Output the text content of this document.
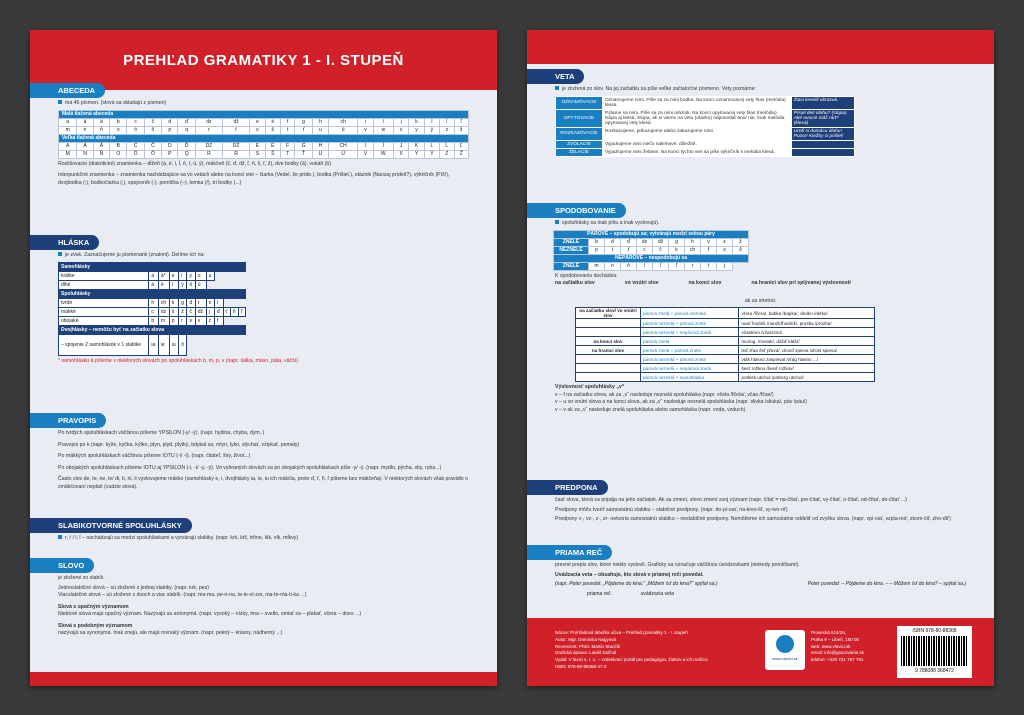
PREHĽAD GRAMATIKY 1 - I. STUPEŇ
ABECEDA
má 46 písmen. (slová sa skladajú z písmen)
Malá tlačená abeceda																						
a	á	ä	b	c	č	d	ď	dz	dž	e	é	f	g	h	ch	i	í	j	k	l	ĺ	ľ
m	n	ň	o	ó	ô	p	q	r	ŕ	s	š	t	ť	u	ú	v	w	x	y	ý	z	ž
Veľká tlačená abeceda																						
A	Á	Ä	B	C	Č	D	Ď	DZ	DŽ	E	É	F	G	H	CH	I	Í	J	K	L	Ĺ	Ľ
M	N	Ň	O	Ó	Ô	P	Q	R	Ŕ	S	Š	T	Ť	U	Ú	V	W	X	Y	Ý	Z	Ž
Rozlišovacie (diakritické) znamienka – dĺžeň (á, é, í, ĺ, ó, ŕ, ú, ý), mäkčeň (č, ď, dž, ľ, ň, š, ť, ž), dve bodky (ä), vokáň (ô)
Interpunkčné znamienka – znamienka nachádzajúce sa vo vetách alebo na konci viet – čiarka (Vedel, že príde.), bodka (Prišiel.), otáznik (Naozaj prídeš?), výkričník (Píš!), dvojbodka (:), bodkočiarka (;), spojovník (-), pomlčka (–), lomka (/), tri bodky (...)
HLÁSKA
je zvuk. Zaznačujeme ju písmenami (znakmi). Delíme ich na:
Samohlásky											
krátke	a	ä*	e	i	y	o	u				
dlhé	á	é	í	ý	ó	ú					
Spoluhlásky											
tvrdé	h	ch	k	g	d	t	n	l			
mäkké	c	dz	š	ž	č	dž	j	ď	ť	ň	ľ
obojaké	b	m	p	r	s	v	z	f			
Dvojhlásky – nemôžu byť na začiatku slova											
– spojenie 2 samohlások v 1 slabike	ia	ie	iu	ô							
* samohlásku ä píšeme v niektorých slovách po spoluhláskach b, m, p, v (napr. šálka, mäso, päta, väčší)
PRAVOPIS
Po tvrdých spoluhláskach väčšinou píšeme YPSILON (-y/ -ý). (napr. hydina, chyba, dym..)
Pravopis po k (napr. kyže, kyčka, kýtko, plyn, plyd, plytký, bdykal sa, mlyn, lyko, slýchať, vzlykať, pomaly)
Po mäkkých spoluhláskach väčšinou píšeme IOTU (-i/ -í). (napr. čitateľ, širy, život...)
Po obojakých spoluhláskach píšeme IOTU aj YPSILON (-i, -í/ -y, -ý). Vo vybraných slovách sa po obojakých spoluhláskach píše -y/ -ý. (napr. mydlo, pýcha, sby, ryba...)
Často slov de, te, ne, le/ di, ti, ni, li vyslovujeme mäkko (samohlásky e, i, dvojhlásky ia, ie, iu ich mäkčia, preto ď, ť, ň, ľ píšeme bez mäkčeňa). V niektorých slovách však pravidlo o zmäkčovaní neplatí (cudzie slová).
SLABIKOTVORNÉ SPOLUHLÁSKY
r, ŕ / l, ĺ – nachádzajú sa medzi spoluhláskami a vytvárajú slabiky. (napr. krk, kŕč, trňne, klk, vlk, mĺkvy)
SLOVO
je zložené zo slabík.
Jednoslabičné slová – sú zložené z jednej slabiky. (napr. krk, pes)
Viacslabičné slová – sú zložené z dvoch a viac slabík. (napr. ma-ma, pe-ri-na, te-le-ví-zor, ma-te-ma-ti-ka ...)
Slová s opačným významom
Niektoré slová majú opačný význam. Nazývajú sa antonymá. (napr. vysoký – nízky, tma – svetlo, smiať sa – plakať, včera – dnes ...)
Slová s podobným významom
nazývajú sa synonymá. Inak znejú, ale majú rovnaký význam. (napr. pekný – krásny, nádherný ...)
VETA
je zložená zo slov. Na jej začiatku sa píše veľké začiatočné písmeno. Vety poznáme:
OZNAMOVACIE	Oznamujeme nimi. Píše sa za nimi bodka. Na konci oznamovacej vety hlas (melódia) klesá.	Žiaci kreslili obrázok.
OPYTOVACIE	Pýtame sa nimi. Píše sa za nimi otáznik. Na konci opytovacej vety hlas (melódia) stúpa aj klesá. Stúpa, ak si vieme na vetu (otázku) odpovedať áno/ nie. Inak melódia opytovacej vety klesá.	Písali deti úlohu? (stúpa) Aké ovocie máš rád? (klesá)
ROZKAZOVACIE	Rozkazujeme, prikazujeme alebo zakazujeme nimi.	Uroб si domácu úlohu! Pozor! Kiežby si prišiel!
ZVOLACIE	Vyjadrujeme nimi niečo naliehavé, dôležité.	
ŽELACIE	Vyjadrujeme nimi želanie. Na konci týchto viet sa píše výkričník s melódia klesá.	
SPODOBOVANIE
spoluhlásky sa inak píšu a inak vyslovujú).
PÁROVÉ – spodobujú sa; vytvárajú medzi sebou páry										
ZNELÉ	b	d	ď	dz	dž	g	h	v	z	ž
NEZNELÉ	p	t	ť	c	č	k	ch	f	s	š
NEPÁROVÉ – nespodobujú sa										
ZNELÉ	m	n	ň	l	ĺ	ľ	r	ŕ	j	
K spodobovaniu dochádza:
na začiatku slov	vo vnútri slov	na konci slov	na hranici slov pri splývanej výslovnosti
ak sa stretnú:
na začiatku slov/ vo vnútri slov	párová znelá + párová neznelá	vťera /fčera/, babka /bapka/, dedko /detko/
	párová neznelá + párová znelá	nanŕ hodník /nanižďhodník/, prosba /prozba/
	párová neznelá + nepárová znelá	včasténo /včazníno/
na konci slov	párová znelá	mozog. /mosok/, dážď /dášť/
na hranici slov	párová znelá + párová znelá	leď zľaa /leť pľava/, drozď spieva /drost spieva/
	párová neznelá + párová znelá	vták hlasno zaspieval /vťág hlasno .../
	párová neznelá + nepárová znelá	šesť rožkov /šesď rožkov/
	párová neznelá + samohláska	potlesk utichol /potlezg utichol/
Výslovnosť spoluhlásky „v“
v – f na začiatku slova, ak za „v“ nasleduje neznelá spoluhláska (napr. včela /fčela/, včas /fčas/)
v – u vo vnútri slova a na konci slova, ak za „v“ nasleduje neznelá spoluhláska (napr. slivka /sliuka/, páv /páu/)
v – v ak za „v“ nasleduje znelá spoluhláska alebo samohláska (napr. voda, vzduch)
PREDPONA
časť slova, ktorá sa pripája na jeho začiatok. Ak sa zmení, slovo zmení svoj význam (napr. čítať = na-čítať, pre-čítať, vy-čítať, o-čítať, od-čítať, do-čítať ...)
Predpony môžu tvoriť samostatnú slabiku – slabičné predpony. (napr. do-pí-sať, na-kres-liť, vy-tvo-riť)
Predpony v-, vz-, z-, zr- netvoria samostatnú slabiku – neslabičné predpony. Nemôžeme ich samostatne oddeliť od zvyšku slova. (napr. vpí-sať, vzpla-noť, zkom-čiť, zho-dit')
PRIAMA REČ
presné prepis slov, ktoré niekto vyslovil. Graficky sa označuje väčšinou úvodzovkami (niekedy pomlčkami).
Uvádzacia veta – obsahuje, kto slová v priamej reči povedal.
(napr. Peter povedal: „Pôjdeme do kina.“ „Môžem ísť do kina?“ spýtal sa.)	Peter povedal: – Pôjdeme do kina. – – Môžem ísť do kina? – spýtal sa.)
priama reč	uvádzacia veta
Názov: Prehľadová tabuľka učiva – Prehľad gramatiky 1 - I. stupeň
Autor: Mgr. Dominika Nagyová
Recenzent: PhDr. Martin Stančík
Grafická úprava: Lukáš Dolihal
Vydal: V lavici s. r. o. – vzdelávací portál pre pedagógov, žiakov a ich rodičov
ISBN: 978-80-88368-47-2
www.vlavici.sk
Prosecká 524/26,
Praha 9 – Libeň, 180 00
web: www.vlavici.sk
email: info@gracovanie.sk
telefon: +420 721 757 781
ISBN 978-80-88368
9 788088 368472
